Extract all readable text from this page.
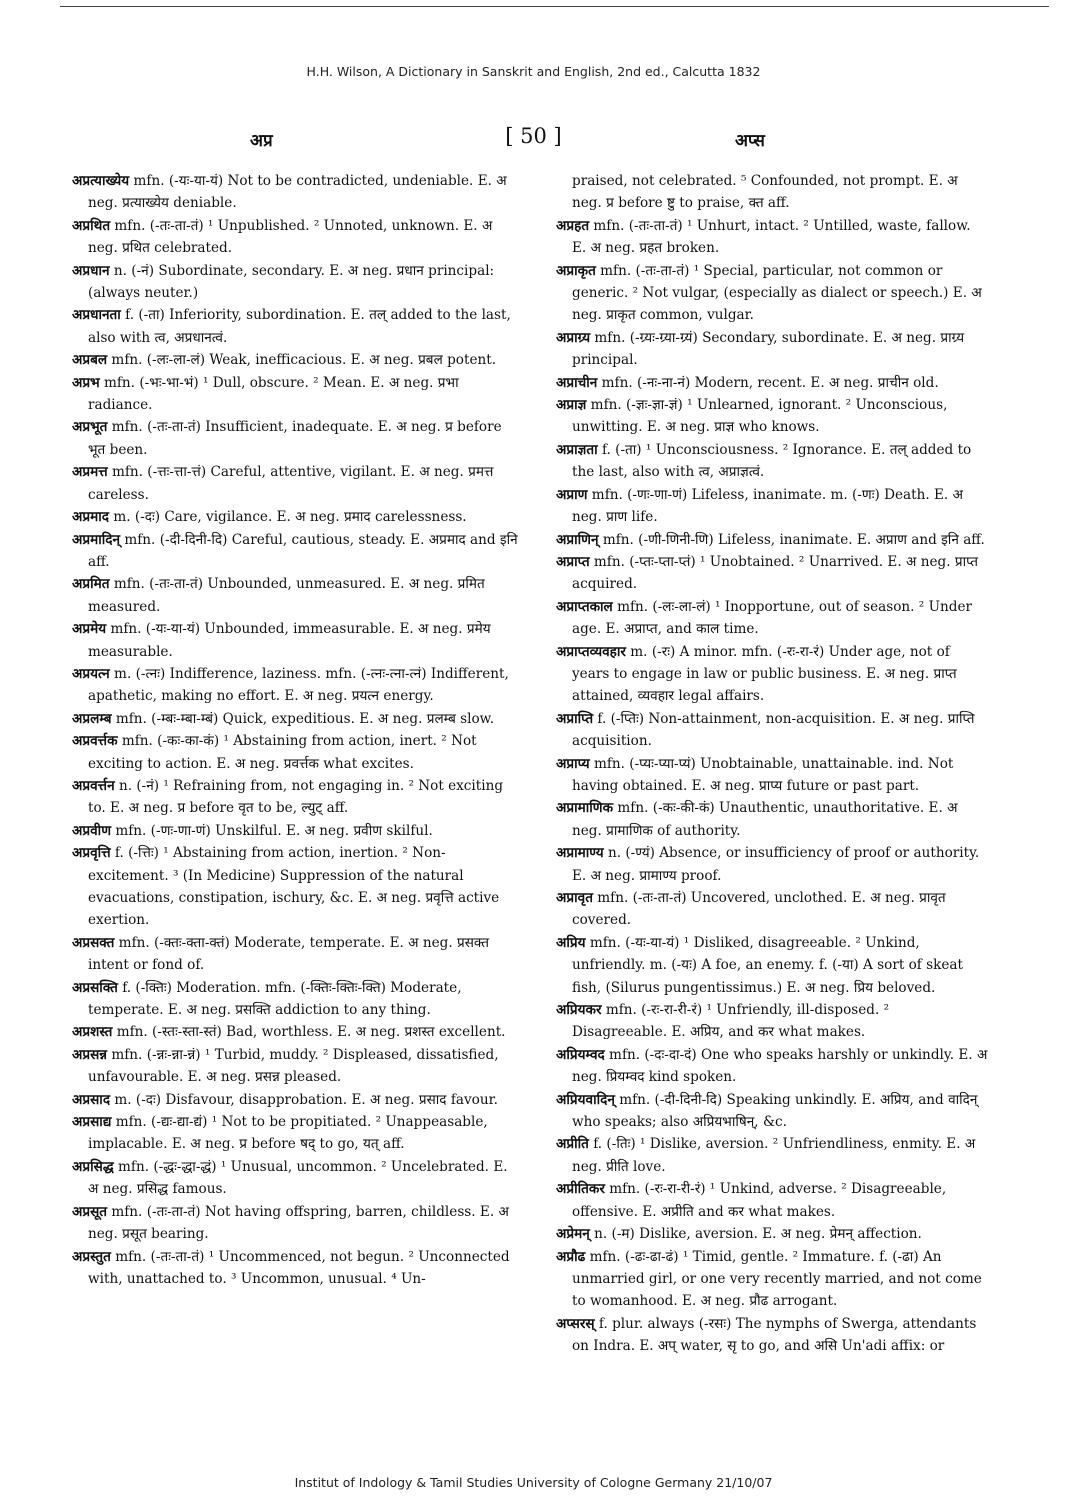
H.H. Wilson, A Dictionary in Sanskrit and English, 2nd ed., Calcutta 1832
अप्र	[ 50 ]	अप्स

अप्रत्याख्येय mfn. (-यः-या-यं) Not to be contradicted, undeniable. E. अ neg. प्रत्याख्येय deniable.

अप्रथित mfn. (-तः-ता-तं) ¹ Unpublished. ² Unnoted, unknown. E. अ neg. प्रथित celebrated.

अप्रधान n. (-नं) Subordinate, secondary. E. अ neg. प्रधान principal: (always neuter.)

अप्रधानता f. (-ता) Inferiority, subordination. E. तल् added to the last, also with त्व, अप्रधानत्वं.

अप्रबल mfn. (-लः-ला-लं) Weak, inefficacious. E. अ neg. प्रबल potent.

अप्रभ mfn. (-भः-भा-भं) ¹ Dull, obscure. ² Mean. E. अ neg. प्रभा radiance.

अप्रभूत mfn. (-तः-ता-तं) Insufficient, inadequate. E. अ neg. प्र before भूत been.

अप्रमत्त mfn. (-त्तः-त्ता-त्तं) Careful, attentive, vigilant. E. अ neg. प्रमत्त careless.

अप्रमाद m. (-दः) Care, vigilance. E. अ neg. प्रमाद carelessness.

अप्रमादिन् mfn. (-दी-दिनी-दि) Careful, cautious, steady. E. अप्रमाद and इनि aff.

अप्रमित mfn. (-तः-ता-तं) Unbounded, unmeasured. E. अ neg. प्रमित measured.

अप्रमेय mfn. (-यः-या-यं) Unbounded, immeasurable. E. अ neg. प्रमेय measurable.

अप्रयत्न m. (-त्नः) Indifference, laziness. mfn. (-त्नः-त्ना-त्नं) Indifferent, apathetic, making no effort. E. अ neg. प्रयत्न energy.

अप्रलम्ब mfn. (-म्बः-म्बा-म्बं) Quick, expeditious. E. अ neg. प्रलम्ब slow.

अप्रवर्त्तक mfn. (-कः-का-कं) ¹ Abstaining from action, inert. ² Not exciting to action. E. अ neg. प्रवर्त्तक what excites.

अप्रवर्त्तन n. (-नं) ¹ Refraining from, not engaging in. ² Not exciting to. E. अ neg. प्र before वृत to be, ल्युट् aff.

अप्रवीण mfn. (-णः-णा-णं) Unskilful. E. अ neg. प्रवीण skilful.

अप्रवृत्ति f. (-त्तिः) ¹ Abstaining from action, inertion. ² Non-excitement. ³ (In Medicine) Suppression of the natural evacuations, constipation, ischury, &c. E. अ neg. प्रवृत्ति active exertion.

अप्रसक्त mfn. (-क्तः-क्ता-क्तं) Moderate, temperate. E. अ neg. प्रसक्त intent or fond of.

अप्रसक्ति f. (-क्तिः) Moderation. mfn. (-क्तिः-क्तिः-क्ति) Moderate, temperate. E. अ neg. प्रसक्ति addiction to any thing.

अप्रशस्त mfn. (-स्तः-स्ता-स्तं) Bad, worthless. E. अ neg. प्रशस्त excellent.

अप्रसन्न mfn. (-न्नः-न्ना-न्नं) ¹ Turbid, muddy. ² Displeased, dissatisfied, unfavourable. E. अ neg. प्रसन्न pleased.

अप्रसाद m. (-दः) Disfavour, disapprobation. E. अ neg. प्रसाद favour.

अप्रसाद्य mfn. (-द्यः-द्या-द्यं) ¹ Not to be propitiated. ² Unappeasable, implacable. E. अ neg. प्र before षद् to go, यत् aff.

अप्रसिद्ध mfn. (-द्धः-द्धा-द्धं) ¹ Unusual, uncommon. ² Uncelebrated. E. अ neg. प्रसिद्ध famous.

अप्रसूत mfn. (-तः-ता-तं) Not having offspring, barren, childless. E. अ neg. प्रसूत bearing.

अप्रस्तुत mfn. (-तः-ता-तं) ¹ Uncommenced, not begun. ² Unconnected with, unattached to. ³ Uncommon, unusual. ⁴ Un-

praised, not celebrated. ⁵ Confounded, not prompt. E. अ neg. प्र before ष्टु to praise, क्त aff.

अप्रहत mfn. (-तः-ता-तं) ¹ Unhurt, intact. ² Untilled, waste, fallow. E. अ neg. प्रहत broken.

अप्राकृत mfn. (-तः-ता-तं) ¹ Special, particular, not common or generic. ² Not vulgar, (especially as dialect or speech.) E. अ neg. प्राकृत common, vulgar.

अप्राग्र्य mfn. (-ग्र्यः-ग्र्या-ग्र्यं) Secondary, subordinate. E. अ neg. प्राग्र्य principal.

अप्राचीन mfn. (-नः-ना-नं) Modern, recent. E. अ neg. प्राचीन old.

अप्राज्ञ mfn. (-ज्ञः-ज्ञा-ज्ञं) ¹ Unlearned, ignorant. ² Unconscious, unwitting. E. अ neg. प्राज्ञ who knows.

अप्राज्ञता f. (-ता) ¹ Unconsciousness. ² Ignorance. E. तल् added to the last, also with त्व, अप्राज्ञत्वं.

अप्राण mfn. (-णः-णा-णं) Lifeless, inanimate. m. (-णः) Death. E. अ neg. प्राण life.

अप्राणिन् mfn. (-णी-णिनी-णि) Lifeless, inanimate. E. अप्राण and इनि aff.

अप्राप्त mfn. (-प्तः-प्ता-प्तं) ¹ Unobtained. ² Unarrived. E. अ neg. प्राप्त acquired.

अप्राप्तकाल mfn. (-लः-ला-लं) ¹ Inopportune, out of season. ² Under age. E. अप्राप्त, and काल time.

अप्राप्तव्यवहार m. (-रः) A minor. mfn. (-रः-रा-रं) Under age, not of years to engage in law or public business. E. अ neg. प्राप्त attained, व्यवहार legal affairs.

अप्राप्ति f. (-प्तिः) Non-attainment, non-acquisition. E. अ neg. प्राप्ति acquisition.

अप्राप्य mfn. (-प्यः-प्या-प्यं) Unobtainable, unattainable. ind. Not having obtained. E. अ neg. प्राप्य future or past part.

अप्रामाणिक mfn. (-कः-की-कं) Unauthentic, unauthoritative. E. अ neg. प्रामाणिक of authority.

अप्रामाण्य n. (-ण्यं) Absence, or insufficiency of proof or authority. E. अ neg. प्रामाण्य proof.

अप्रावृत mfn. (-तः-ता-तं) Uncovered, unclothed. E. अ neg. प्रावृत covered.

अप्रिय mfn. (-यः-या-यं) ¹ Disliked, disagreeable. ² Unkind, unfriendly. m. (-यः) A foe, an enemy. f. (-या) A sort of skeat fish, (Silurus pungentissimus.) E. अ neg. प्रिय beloved.

अप्रियकर mfn. (-रः-रा-री-रं) ¹ Unfriendly, ill-disposed. ² Disagreeable. E. अप्रिय, and कर what makes.

अप्रियम्वद mfn. (-दः-दा-दं) One who speaks harshly or unkindly. E. अ neg. प्रियम्वद kind spoken.

अप्रियवादिन् mfn. (-दी-दिनी-दि) Speaking unkindly. E. अप्रिय, and वादिन् who speaks; also अप्रियभाषिन्, &c.

अप्रीति f. (-तिः) ¹ Dislike, aversion. ² Unfriendliness, enmity. E. अ neg. प्रीति love.

अप्रीतिकर mfn. (-रः-रा-री-रं) ¹ Unkind, adverse. ² Disagreeable, offensive. E. अप्रीति and कर what makes.

अप्रेमन् n. (-म) Dislike, aversion. E. अ neg. प्रेमन् affection.

अप्रौढ mfn. (-ढः-ढा-ढं) ¹ Timid, gentle. ² Immature. f. (-ढा) An unmarried girl, or one very recently married, and not come to womanhood. E. अ neg. प्रौढ arrogant.

अप्सरस् f. plur. always (-रसः) The nymphs of Swerga, attendants on Indra. E. अप् water, सृ to go, and असि Un'adi affix: or

Institut of Indology & Tamil Studies University of Cologne Germany 21/10/07
